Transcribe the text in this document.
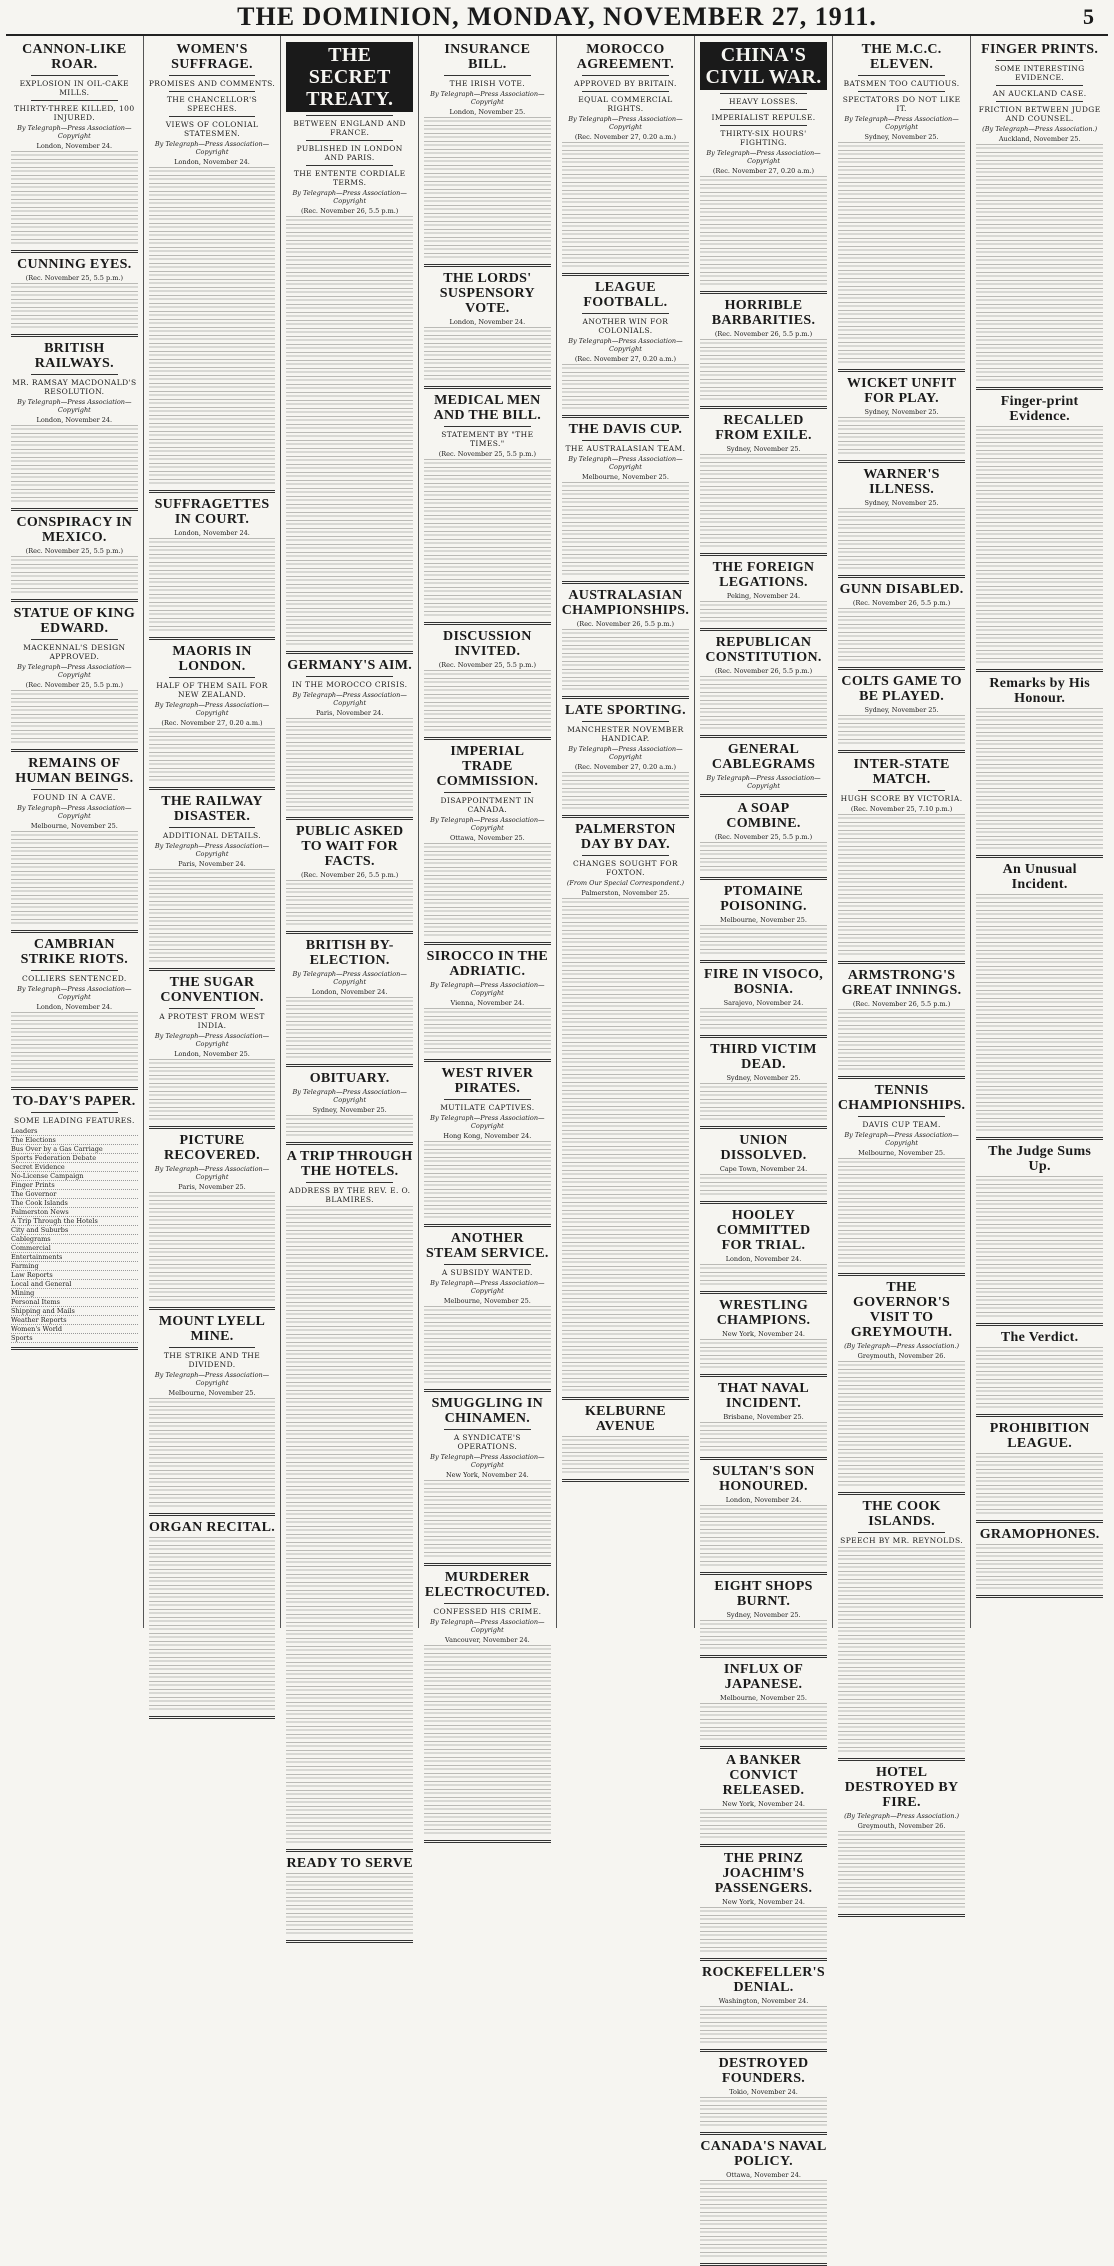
THE DOMINION, MONDAY, NOVEMBER 27, 1911.	5
CANNON-LIKE ROAR.
EXPLOSION IN OIL-CAKE MILLS.
THIRTY-THREE KILLED, 100 INJURED.
By Telegraph—Press Association—Copyright
London, November 24.
CUNNING EYES.
(Rec. November 25, 5.5 p.m.)
BRITISH RAILWAYS.
MR. RAMSAY MACDONALD'S RESOLUTION.
By Telegraph—Press Association—Copyright
London, November 24.
CONSPIRACY IN MEXICO.
(Rec. November 25, 5.5 p.m.)
STATUE OF KING EDWARD.
MACKENNAL'S DESIGN APPROVED.
By Telegraph—Press Association—Copyright
(Rec. November 25, 5.5 p.m.)
REMAINS OF HUMAN BEINGS.
FOUND IN A CAVE.
By Telegraph—Press Association—Copyright
Melbourne, November 25.
CAMBRIAN STRIKE RIOTS.
COLLIERS SENTENCED.
By Telegraph—Press Association—Copyright
London, November 24.
TO-DAY'S PAPER.
SOME LEADING FEATURES.
Leaders
The Elections
Bus Over by a Gas Carriage
Sports Federation Debate
Secret Evidence
No-License Campaign
Finger Prints
The Governor
The Cook Islands
Palmerston News
A Trip Through the Hotels
City and Suburbs
Cablegrams
Commercial
Entertainments
Farming
Law Reports
Local and General
Mining
Personal Items
Shipping and Mails
Weather Reports
Women's World
Sports
WOMEN'S SUFFRAGE.
PROMISES AND COMMENTS.
THE CHANCELLOR'S SPEECHES.
VIEWS OF COLONIAL STATESMEN.
By Telegraph—Press Association—Copyright
London, November 24.
SUFFRAGETTES IN COURT.
London, November 24.
MAORIS IN LONDON.
HALF OF THEM SAIL FOR NEW ZEALAND.
By Telegraph—Press Association—Copyright
(Rec. November 27, 0.20 a.m.)
THE RAILWAY DISASTER.
ADDITIONAL DETAILS.
By Telegraph—Press Association—Copyright
Paris, November 24.
THE SUGAR CONVENTION.
A PROTEST FROM WEST INDIA.
By Telegraph—Press Association—Copyright
London, November 25.
PICTURE RECOVERED.
By Telegraph—Press Association—Copyright
Paris, November 25.
MOUNT LYELL MINE.
THE STRIKE AND THE DIVIDEND.
By Telegraph—Press Association—Copyright
Melbourne, November 25.
ORGAN RECITAL.
THE SECRET TREATY.
BETWEEN ENGLAND AND FRANCE.
PUBLISHED IN LONDON AND PARIS.
THE ENTENTE CORDIALE TERMS.
By Telegraph—Press Association—Copyright
(Rec. November 26, 5.5 p.m.)
GERMANY'S AIM.
IN THE MOROCCO CRISIS.
By Telegraph—Press Association—Copyright
Paris, November 24.
PUBLIC ASKED TO WAIT FOR FACTS.
(Rec. November 26, 5.5 p.m.)
BRITISH BY-ELECTION.
By Telegraph—Press Association—Copyright
London, November 24.
OBITUARY.
By Telegraph—Press Association—Copyright
Sydney, November 25.
A TRIP THROUGH THE HOTELS.
ADDRESS BY THE REV. E. O. BLAMIRES.
READY TO SERVE
INSURANCE BILL.
THE IRISH VOTE.
By Telegraph—Press Association—Copyright
London, November 25.
THE LORDS' SUSPENSORY VOTE.
London, November 24.
MEDICAL MEN AND THE BILL.
STATEMENT BY "THE TIMES."
(Rec. November 25, 5.5 p.m.)
DISCUSSION INVITED.
(Rec. November 25, 5.5 p.m.)
IMPERIAL TRADE COMMISSION.
DISAPPOINTMENT IN CANADA.
By Telegraph—Press Association—Copyright
Ottawa, November 25.
SIROCCO IN THE ADRIATIC.
By Telegraph—Press Association—Copyright
Vienna, November 24.
WEST RIVER PIRATES.
MUTILATE CAPTIVES.
By Telegraph—Press Association—Copyright
Hong Kong, November 24.
ANOTHER STEAM SERVICE.
A SUBSIDY WANTED.
By Telegraph—Press Association—Copyright
Melbourne, November 25.
SMUGGLING IN CHINAMEN.
A SYNDICATE'S OPERATIONS.
By Telegraph—Press Association—Copyright
New York, November 24.
MURDERER ELECTROCUTED.
CONFESSED HIS CRIME.
By Telegraph—Press Association—Copyright
Vancouver, November 24.
MOROCCO AGREEMENT.
APPROVED BY BRITAIN.
EQUAL COMMERCIAL RIGHTS.
By Telegraph—Press Association—Copyright
(Rec. November 27, 0.20 a.m.)
LEAGUE FOOTBALL.
ANOTHER WIN FOR COLONIALS.
By Telegraph—Press Association—Copyright
(Rec. November 27, 0.20 a.m.)
THE DAVIS CUP.
THE AUSTRALASIAN TEAM.
By Telegraph—Press Association—Copyright
Melbourne, November 25.
AUSTRALASIAN CHAMPIONSHIPS.
(Rec. November 26, 5.5 p.m.)
LATE SPORTING.
MANCHESTER NOVEMBER HANDICAP.
By Telegraph—Press Association—Copyright
(Rec. November 27, 0.20 a.m.)
PALMERSTON DAY BY DAY.
CHANGES SOUGHT FOR FOXTON.
(From Our Special Correspondent.)
Palmerston, November 25.
KELBURNE AVENUE
CHINA'S CIVIL WAR.
HEAVY LOSSES.
IMPERIALIST REPULSE.
THIRTY-SIX HOURS' FIGHTING.
By Telegraph—Press Association—Copyright
(Rec. November 27, 0.20 a.m.)
HORRIBLE BARBARITIES.
(Rec. November 26, 5.5 p.m.)
RECALLED FROM EXILE.
Sydney, November 25.
THE FOREIGN LEGATIONS.
Peking, November 24.
REPUBLICAN CONSTITUTION.
(Rec. November 26, 5.5 p.m.)
GENERAL CABLEGRAMS
By Telegraph—Press Association—Copyright
A SOAP COMBINE.
(Rec. November 25, 5.5 p.m.)
PTOMAINE POISONING.
Melbourne, November 25.
FIRE IN VISOCO, BOSNIA.
Sarajevo, November 24.
THIRD VICTIM DEAD.
Sydney, November 25.
UNION DISSOLVED.
Cape Town, November 24.
HOOLEY COMMITTED FOR TRIAL.
London, November 24.
WRESTLING CHAMPIONS.
New York, November 24.
THAT NAVAL INCIDENT.
Brisbane, November 25.
SULTAN'S SON HONOURED.
London, November 24.
EIGHT SHOPS BURNT.
Sydney, November 25.
INFLUX OF JAPANESE.
Melbourne, November 25.
A BANKER CONVICT RELEASED.
New York, November 24.
THE PRINZ JOACHIM'S PASSENGERS.
New York, November 24.
ROCKEFELLER'S DENIAL.
Washington, November 24.
DESTROYED FOUNDERS.
Tokio, November 24.
CANADA'S NAVAL POLICY.
Ottawa, November 24.
THE M.C.C. ELEVEN.
BATSMEN TOO CAUTIOUS.
SPECTATORS DO NOT LIKE IT.
By Telegraph—Press Association—Copyright
Sydney, November 25.
WICKET UNFIT FOR PLAY.
Sydney, November 25.
WARNER'S ILLNESS.
Sydney, November 25.
GUNN DISABLED.
(Rec. November 26, 5.5 p.m.)
COLTS GAME TO BE PLAYED.
Sydney, November 25.
INTER-STATE MATCH.
HUGH SCORE BY VICTORIA.
(Rec. November 25, 7.10 p.m.)
ARMSTRONG'S GREAT INNINGS.
(Rec. November 26, 5.5 p.m.)
TENNIS CHAMPIONSHIPS.
DAVIS CUP TEAM.
By Telegraph—Press Association—Copyright
Melbourne, November 25.
THE GOVERNOR'S VISIT TO GREYMOUTH.
(By Telegraph—Press Association.)
Greymouth, November 26.
THE COOK ISLANDS.
SPEECH BY MR. REYNOLDS.
HOTEL DESTROYED BY FIRE.
(By Telegraph—Press Association.)
Greymouth, November 26.
FINGER PRINTS.
SOME INTERESTING EVIDENCE.
AN AUCKLAND CASE.
FRICTION BETWEEN JUDGE AND COUNSEL.
(By Telegraph—Press Association.)
Auckland, November 25.
Finger-print Evidence.
Remarks by His Honour.
An Unusual Incident.
The Judge Sums Up.
The Verdict.
PROHIBITION LEAGUE.
GRAMOPHONES.
